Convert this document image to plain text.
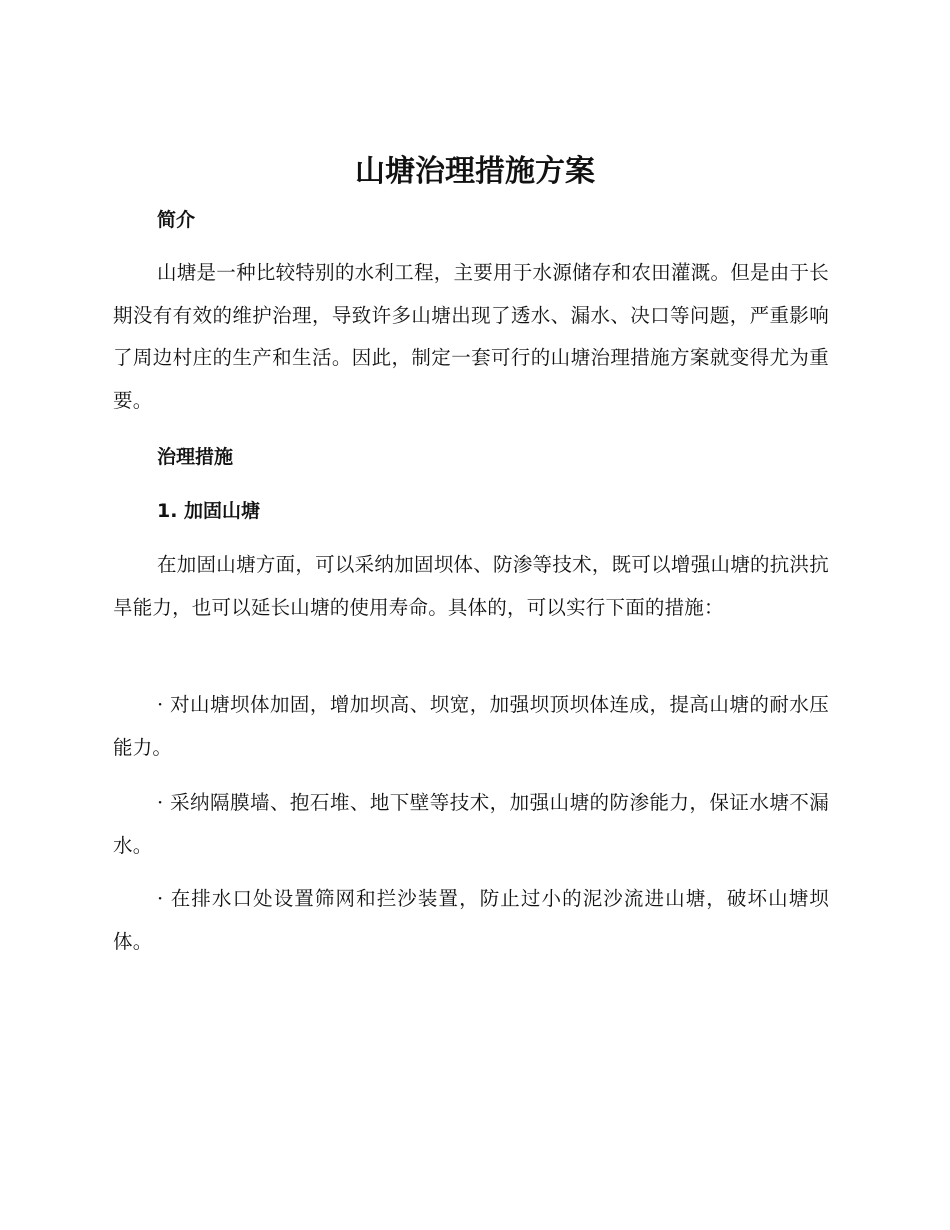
山塘治理措施方案
简介

山塘是一种比较特别的水利工程，主要用于水源储存和农田灌溉。但是由于长期没有有效的维护治理，导致许多山塘出现了透水、漏水、决口等问题，严重影响了周边村庄的生产和生活。因此，制定一套可行的山塘治理措施方案就变得尤为重要。

治理措施
1. 加固山塘

在加固山塘方面，可以采纳加固坝体、防渗等技术，既可以增强山塘的抗洪抗旱能力，也可以延长山塘的使用寿命。具体的，可以实行下面的措施：

· 对山塘坝体加固，增加坝高、坝宽，加强坝顶坝体连成，提高山塘的耐水压能力。

· 采纳隔膜墙、抱石堆、地下壁等技术，加强山塘的防渗能力，保证水塘不漏水。

· 在排水口处设置筛网和拦沙装置，防止过小的泥沙流进山塘，破坏山塘坝体。
